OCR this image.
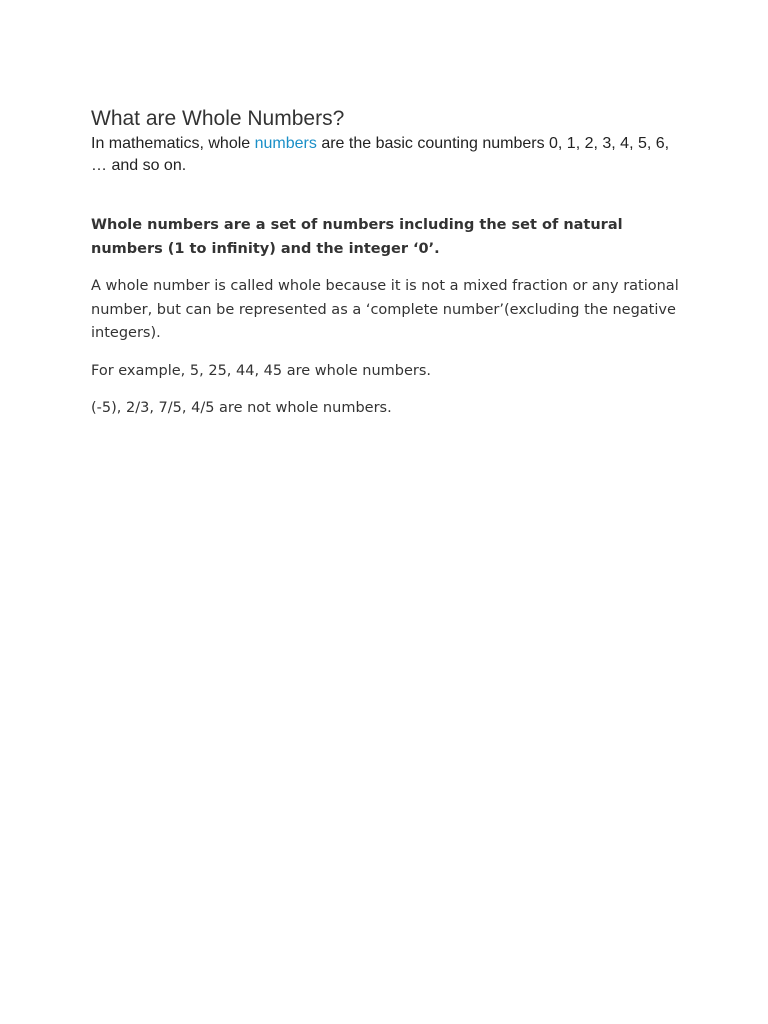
What are Whole Numbers?

In mathematics, whole numbers are the basic counting numbers 0, 1, 2, 3, 4, 5, 6, … and so on.

Whole numbers are a set of numbers including the set of natural numbers (1 to infinity) and the integer ‘0’.

A whole number is called whole because it is not a mixed fraction or any rational number, but can be represented as a ‘complete number’(excluding the negative integers).

For example, 5, 25, 44, 45 are whole numbers.

(-5), 2/3, 7/5, 4/5 are not whole numbers.
